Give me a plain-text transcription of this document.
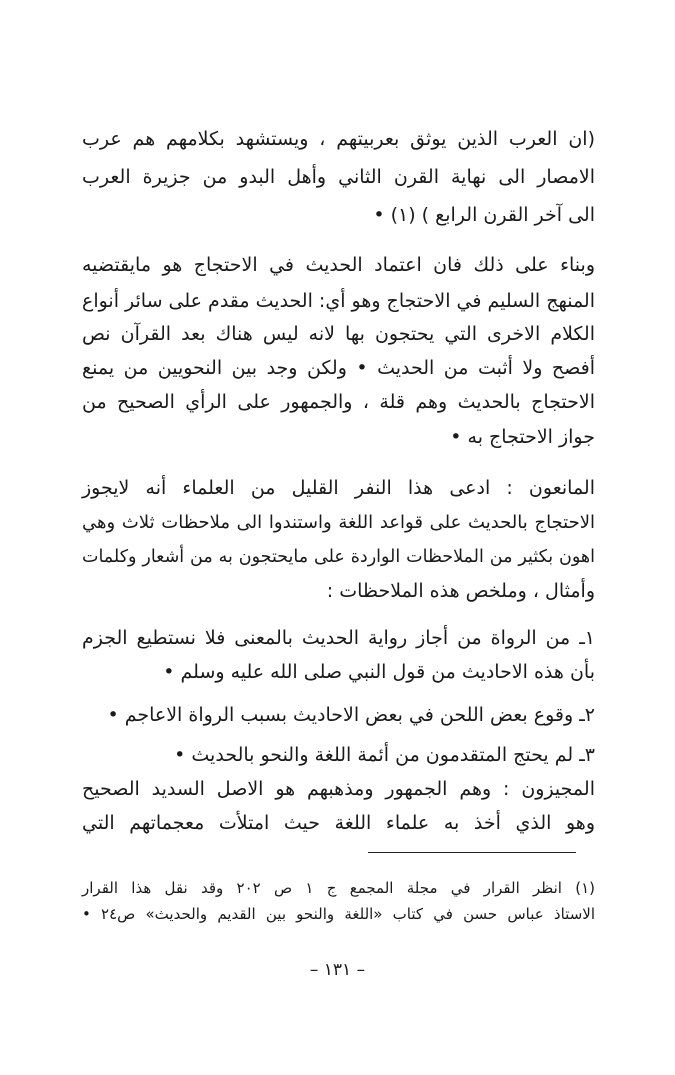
(ان العرب الذين يوثق بعربيتهم ، ويستشهد بكلامهم هم عرب
الامصار الى نهاية القرن الثاني وأهل البدو من جزيرة العرب
الى آخر القرن الرابع ) (١) •
وبناء على ذلك فان اعتماد الحديث في الاحتجاج هو مايقتضيه
المنهج السليم في الاحتجاج وهو أي: الحديث مقدم على سائر أنواع
الكلام الاخرى التي يحتجون بها لانه ليس هناك بعد القرآن نص
أفصح ولا أثبت من الحديث • ولكن وجد بين النحويين من يمنع
الاحتجاج بالحديث وهم قلة ، والجمهور على الرأي الصحيح من
جواز الاحتجاج به •
المانعون : ادعى هذا النفر القليل من العلماء أنه لايجوز
الاحتجاج بالحديث على قواعد اللغة واستندوا الى ملاحظات ثلاث وهي
اهون بكثير من الملاحظات الواردة على مايحتجون به من أشعار وكلمات
وأمثال ، وملخص هذه الملاحظات :
١ـ من الرواة من أجاز رواية الحديث بالمعنى فلا نستطيع الجزم
بأن هذه الاحاديث من قول النبي صلى الله عليه وسلم •
٢ـ وقوع بعض اللحن في بعض الاحاديث بسبب الرواة الاعاجم •
٣ـ لم يحتج المتقدمون من أئمة اللغة والنحو بالحديث •
المجيزون : وهم الجمهور ومذهبهم هو الاصل السديد الصحيح
وهو الذي أخذ به علماء اللغة حيث امتلأت معجماتهم التي
(١) انظر القرار في مجلة المجمع ج ١ ص ٢٠٢ وقد نقل هذا القرار
الاستاذ عباس حسن في كتاب «اللغة والنحو بين القديم والحديث» ص٢٤ •
– ١٣١ –
